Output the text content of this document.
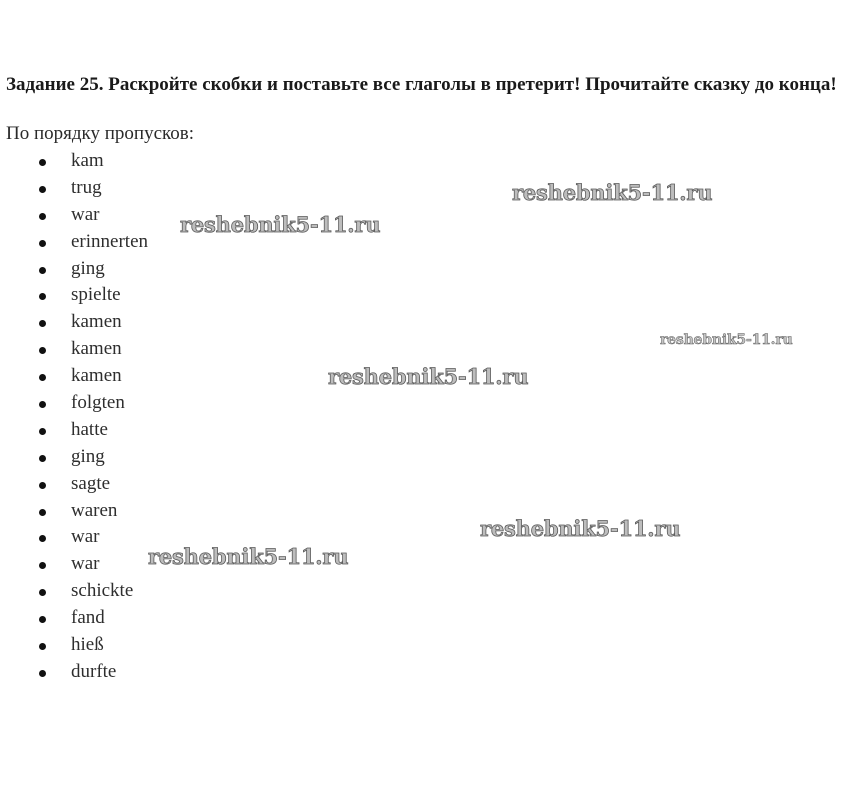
Задание 25. Раскройте скобки и поставьте все глаголы в претерит! Прочитайте сказку до конца!

По порядку пропусков:

kam
trug
war
erinnerten
ging
spielte
kamen
kamen
kamen
folgten
hatte
ging
sagte
waren
war
war
schickte
fand
hieß
durfte
reshebnik5-11.ru
reshebnik5-11.ru
reshebnik5-11.ru
reshebnik5-11.ru
reshebnik5-11.ru
reshebnik5-11.ru
